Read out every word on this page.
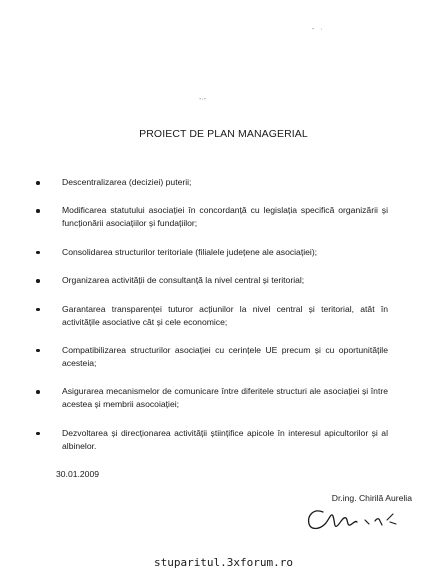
- ·
-·-
PROIECT DE PLAN MANAGERIAL
Descentralizarea (deciziei) puterii;
Modificarea statutului asociației în concordanță cu legislația specifică organizării și funcționării asociațiilor și fundațiilor;
Consolidarea structurilor teritoriale (filialele județene ale asociației);
Organizarea activității de consultanță la nivel central și teritorial;
Garantarea transparenței tuturor acțiunilor la nivel central și teritorial, atât în activitățile asociative cât și cele economice;
Compatibilizarea structurilor asociației cu cerințele UE precum și cu oportunitățile acesteia;
Asigurarea mecanismelor de comunicare între diferitele structuri ale asociației și între acestea și membrii asocoiației;
Dezvoltarea și direcționarea activității științifice apicole în interesul apicultorilor și al albinelor.
30.01.2009
Dr.ing. Chirilă Aurelia
stuparitul.3xforum.ro
